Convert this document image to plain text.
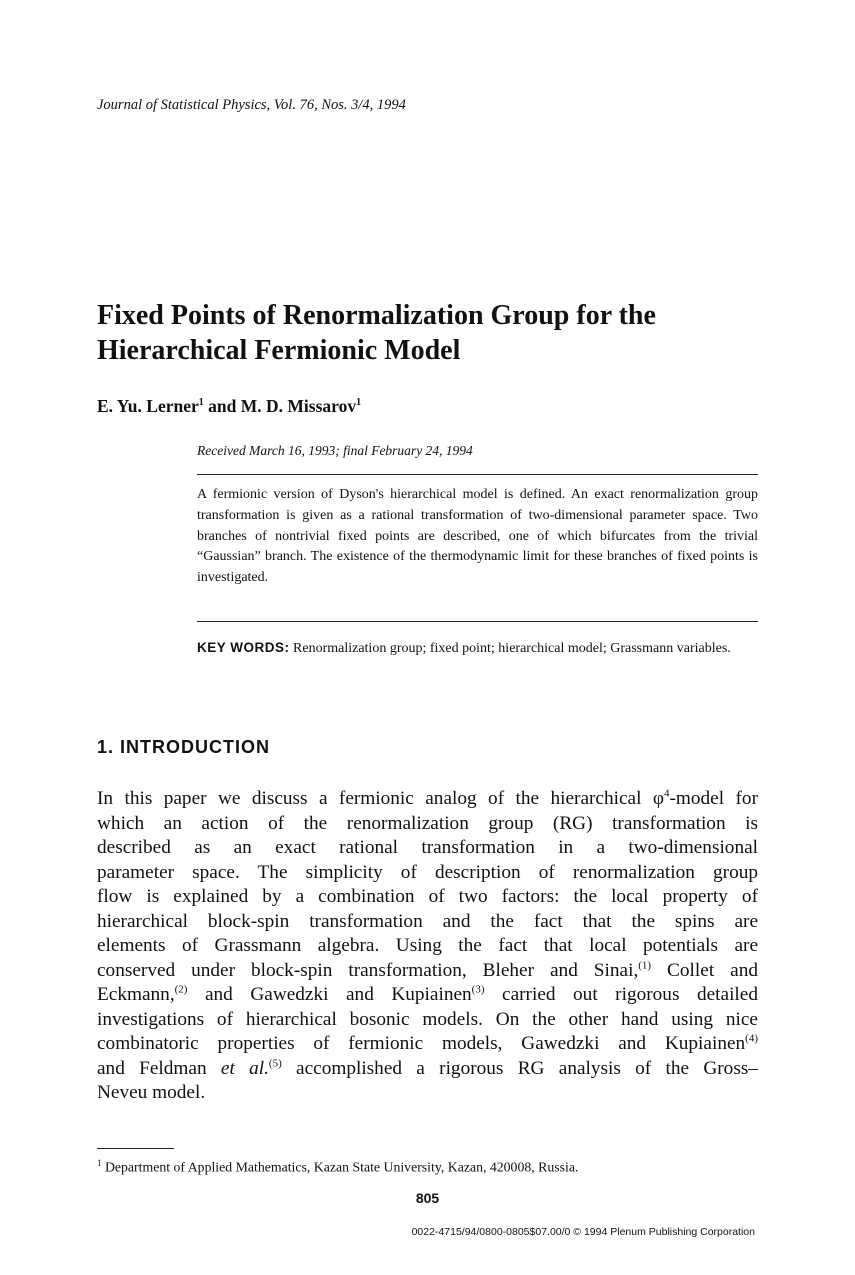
Journal of Statistical Physics, Vol. 76, Nos. 3/4, 1994
Fixed Points of Renormalization Group for the
Hierarchical Fermionic Model
E. Yu. Lerner$^1$ and M. D. Missarov$^1$
Received March 16, 1993; final February 24, 1994
A fermionic version of Dyson's hierarchical model is defined. An exact renormalization group transformation is given as a rational transformation of two-dimensional parameter space. Two branches of nontrivial fixed points are described, one of which bifurcates from the trivial “Gaussian” branch. The existence of the thermodynamic limit for these branches of fixed points is investigated.
KEY WORDS: Renormalization group; fixed point; hierarchical model; Grassmann variables.
1. INTRODUCTION
In this paper we discuss a fermionic analog of the hierarchical $\varphi^4$-model for
which an action of the renormalization group (RG) transformation is
described as an exact rational transformation in a two-dimensional
parameter space. The simplicity of description of renormalization group
flow is explained by a combination of two factors: the local property of
hierarchical block-spin transformation and the fact that the spins are
elements of Grassmann algebra. Using the fact that local potentials are
conserved under block-spin transformation, Bleher and Sinai,$^{(1)}$ Collet and
Eckmann,$^{(2)}$ and Gawedzki and Kupiainen$^{(3)}$ carried out rigorous detailed
investigations of hierarchical bosonic models. On the other hand using nice
combinatoric properties of fermionic models, Gawedzki and Kupiainen$^{(4)}$
and Feldman et al.$^{(5)}$ accomplished a rigorous RG analysis of the Gross–
Neveu model.
$^1$ Department of Applied Mathematics, Kazan State University, Kazan, 420008, Russia.
805
0022-4715/94/0800-0805$07.00/0 © 1994 Plenum Publishing Corporation
